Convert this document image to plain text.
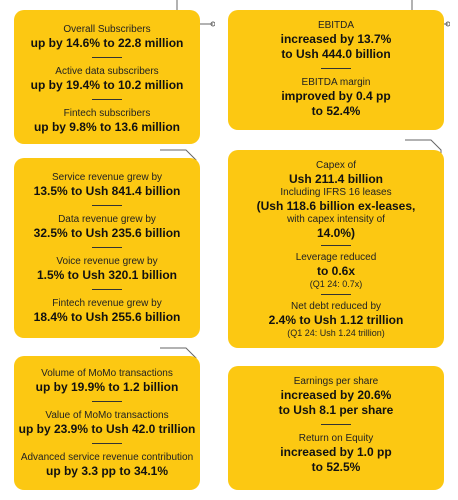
Overall Subscribers

up by 14.6% to 22.8 million

Active data subscribers

up by 19.4% to 10.2 million

Fintech subscribers

up by 9.8% to 13.6 million

EBITDA

increased by 13.7%

to Ush 444.0 billion

EBITDA margin

improved by 0.4 pp

to 52.4%

Service revenue grew by

13.5% to Ush 841.4 billion

Data revenue grew by

32.5% to Ush 235.6 billion

Voice revenue grew by

1.5% to Ush 320.1 billion

Fintech revenue grew by

18.4% to Ush 255.6 billion

Capex of

Ush 211.4 billion

Including IFRS 16 leases

(Ush 118.6 billion ex-leases,

with capex intensity of

14.0%)

Leverage reduced

to 0.6x

(Q1 24: 0.7x)

Net debt reduced by

2.4% to Ush 1.12 trillion

(Q1 24: Ush 1.24 trillion)

Volume of MoMo transactions

up by 19.9% to 1.2 billion

Value of MoMo transactions

up by 23.9% to Ush 42.0 trillion

Advanced service revenue contribution

up by 3.3 pp to 34.1%

Earnings per share

increased by 20.6%

to Ush 8.1 per share

Return on Equity

increased by 1.0 pp

to 52.5%
